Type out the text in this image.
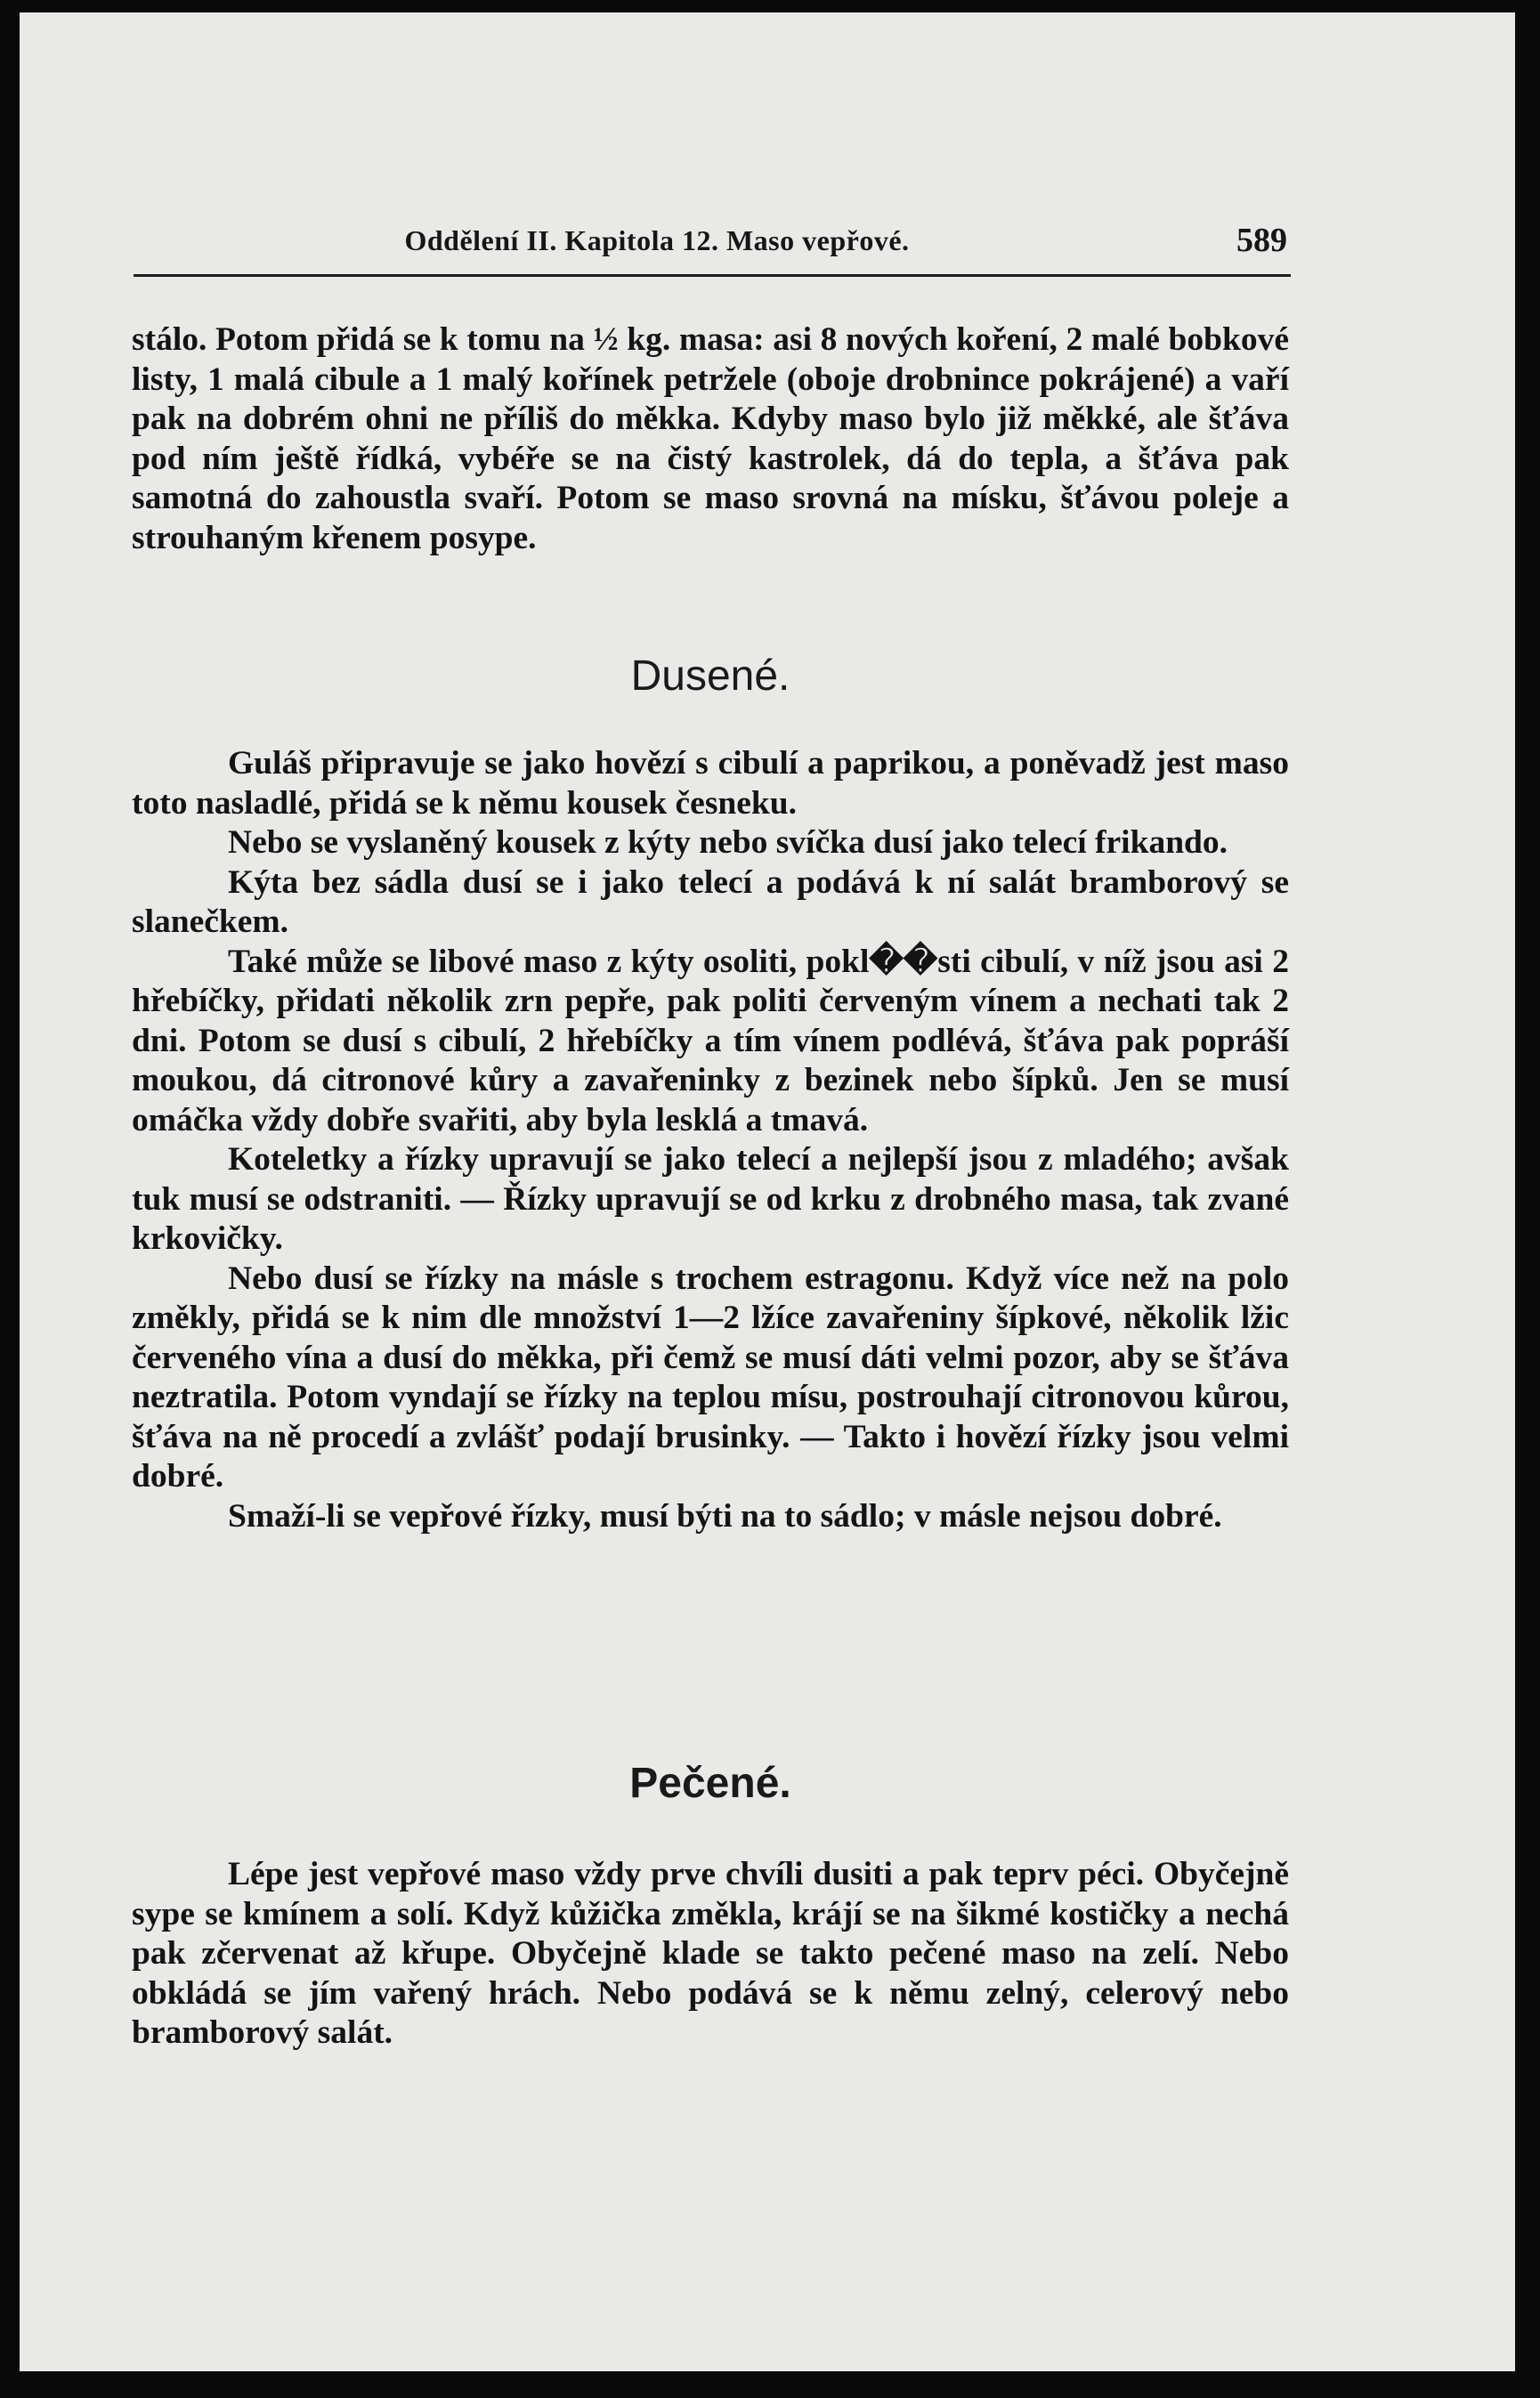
Oddělení II. Kapitola 12. Maso vepřové.	589

stálo. Potom přidá se k tomu na ½ kg. masa: asi 8 nových koření, 2 malé bobkové listy, 1 malá cibule a 1 malý kořínek petržele (oboje drobnince pokrájené) a vaří pak na dobrém ohni ne příliš do měkka. Kdyby maso bylo již měkké, ale šťáva pod ním ještě řídká, vybéře se na čistý kastrolek, dá do tepla, a šťáva pak samotná do zahoustla svaří. Potom se maso srovná na mísku, šťávou poleje a strouhaným křenem posype.

Dusené.

Guláš připravuje se jako hovězí s cibulí a paprikou, a poněvadž jest maso toto nasladlé, přidá se k němu kousek česneku.

Nebo se vyslaněný kousek z kýty nebo svíčka dusí jako telecí frikando.

Kýta bez sádla dusí se i jako telecí a podává k ní salát bramborový se slanečkem.

Také může se libové maso z kýty osoliti, pokl��sti cibulí, v níž jsou asi 2 hřebíčky, přidati několik zrn pepře, pak politi červeným vínem a nechati tak 2 dni. Potom se dusí s cibulí, 2 hřebíčky a tím vínem podlévá, šťáva pak popráší moukou, dá citronové kůry a zavařeninky z bezinek nebo šípků. Jen se musí omáčka vždy dobře svařiti, aby byla lesklá a tmavá.

Koteletky a řízky upravují se jako telecí a nejlepší jsou z mladého; avšak tuk musí se odstraniti. — Řízky upravují se od krku z drobného masa, tak zvané krkovičky.

Nebo dusí se řízky na másle s trochem estragonu. Když více než na polo změkly, přidá se k nim dle množství 1—2 lžíce zavařeniny šípkové, několik lžic červeného vína a dusí do měkka, při čemž se musí dáti velmi pozor, aby se šťáva neztratila. Potom vyndají se řízky na teplou mísu, postrouhají citronovou kůrou, šťáva na ně procedí a zvlášť podají brusinky. — Takto i hovězí řízky jsou velmi dobré.

Smaží-li se vepřové řízky, musí býti na to sádlo; v másle nejsou dobré.

Pečené.

Lépe jest vepřové maso vždy prve chvíli dusiti a pak teprv péci. Obyčejně sype se kmínem a solí. Když kůžička změkla, krájí se na šikmé kostičky a nechá pak zčervenat až křupe. Obyčejně klade se takto pečené maso na zelí. Nebo obkládá se jím vařený hrách. Nebo podává se k němu zelný, celerový nebo bramborový salát.
